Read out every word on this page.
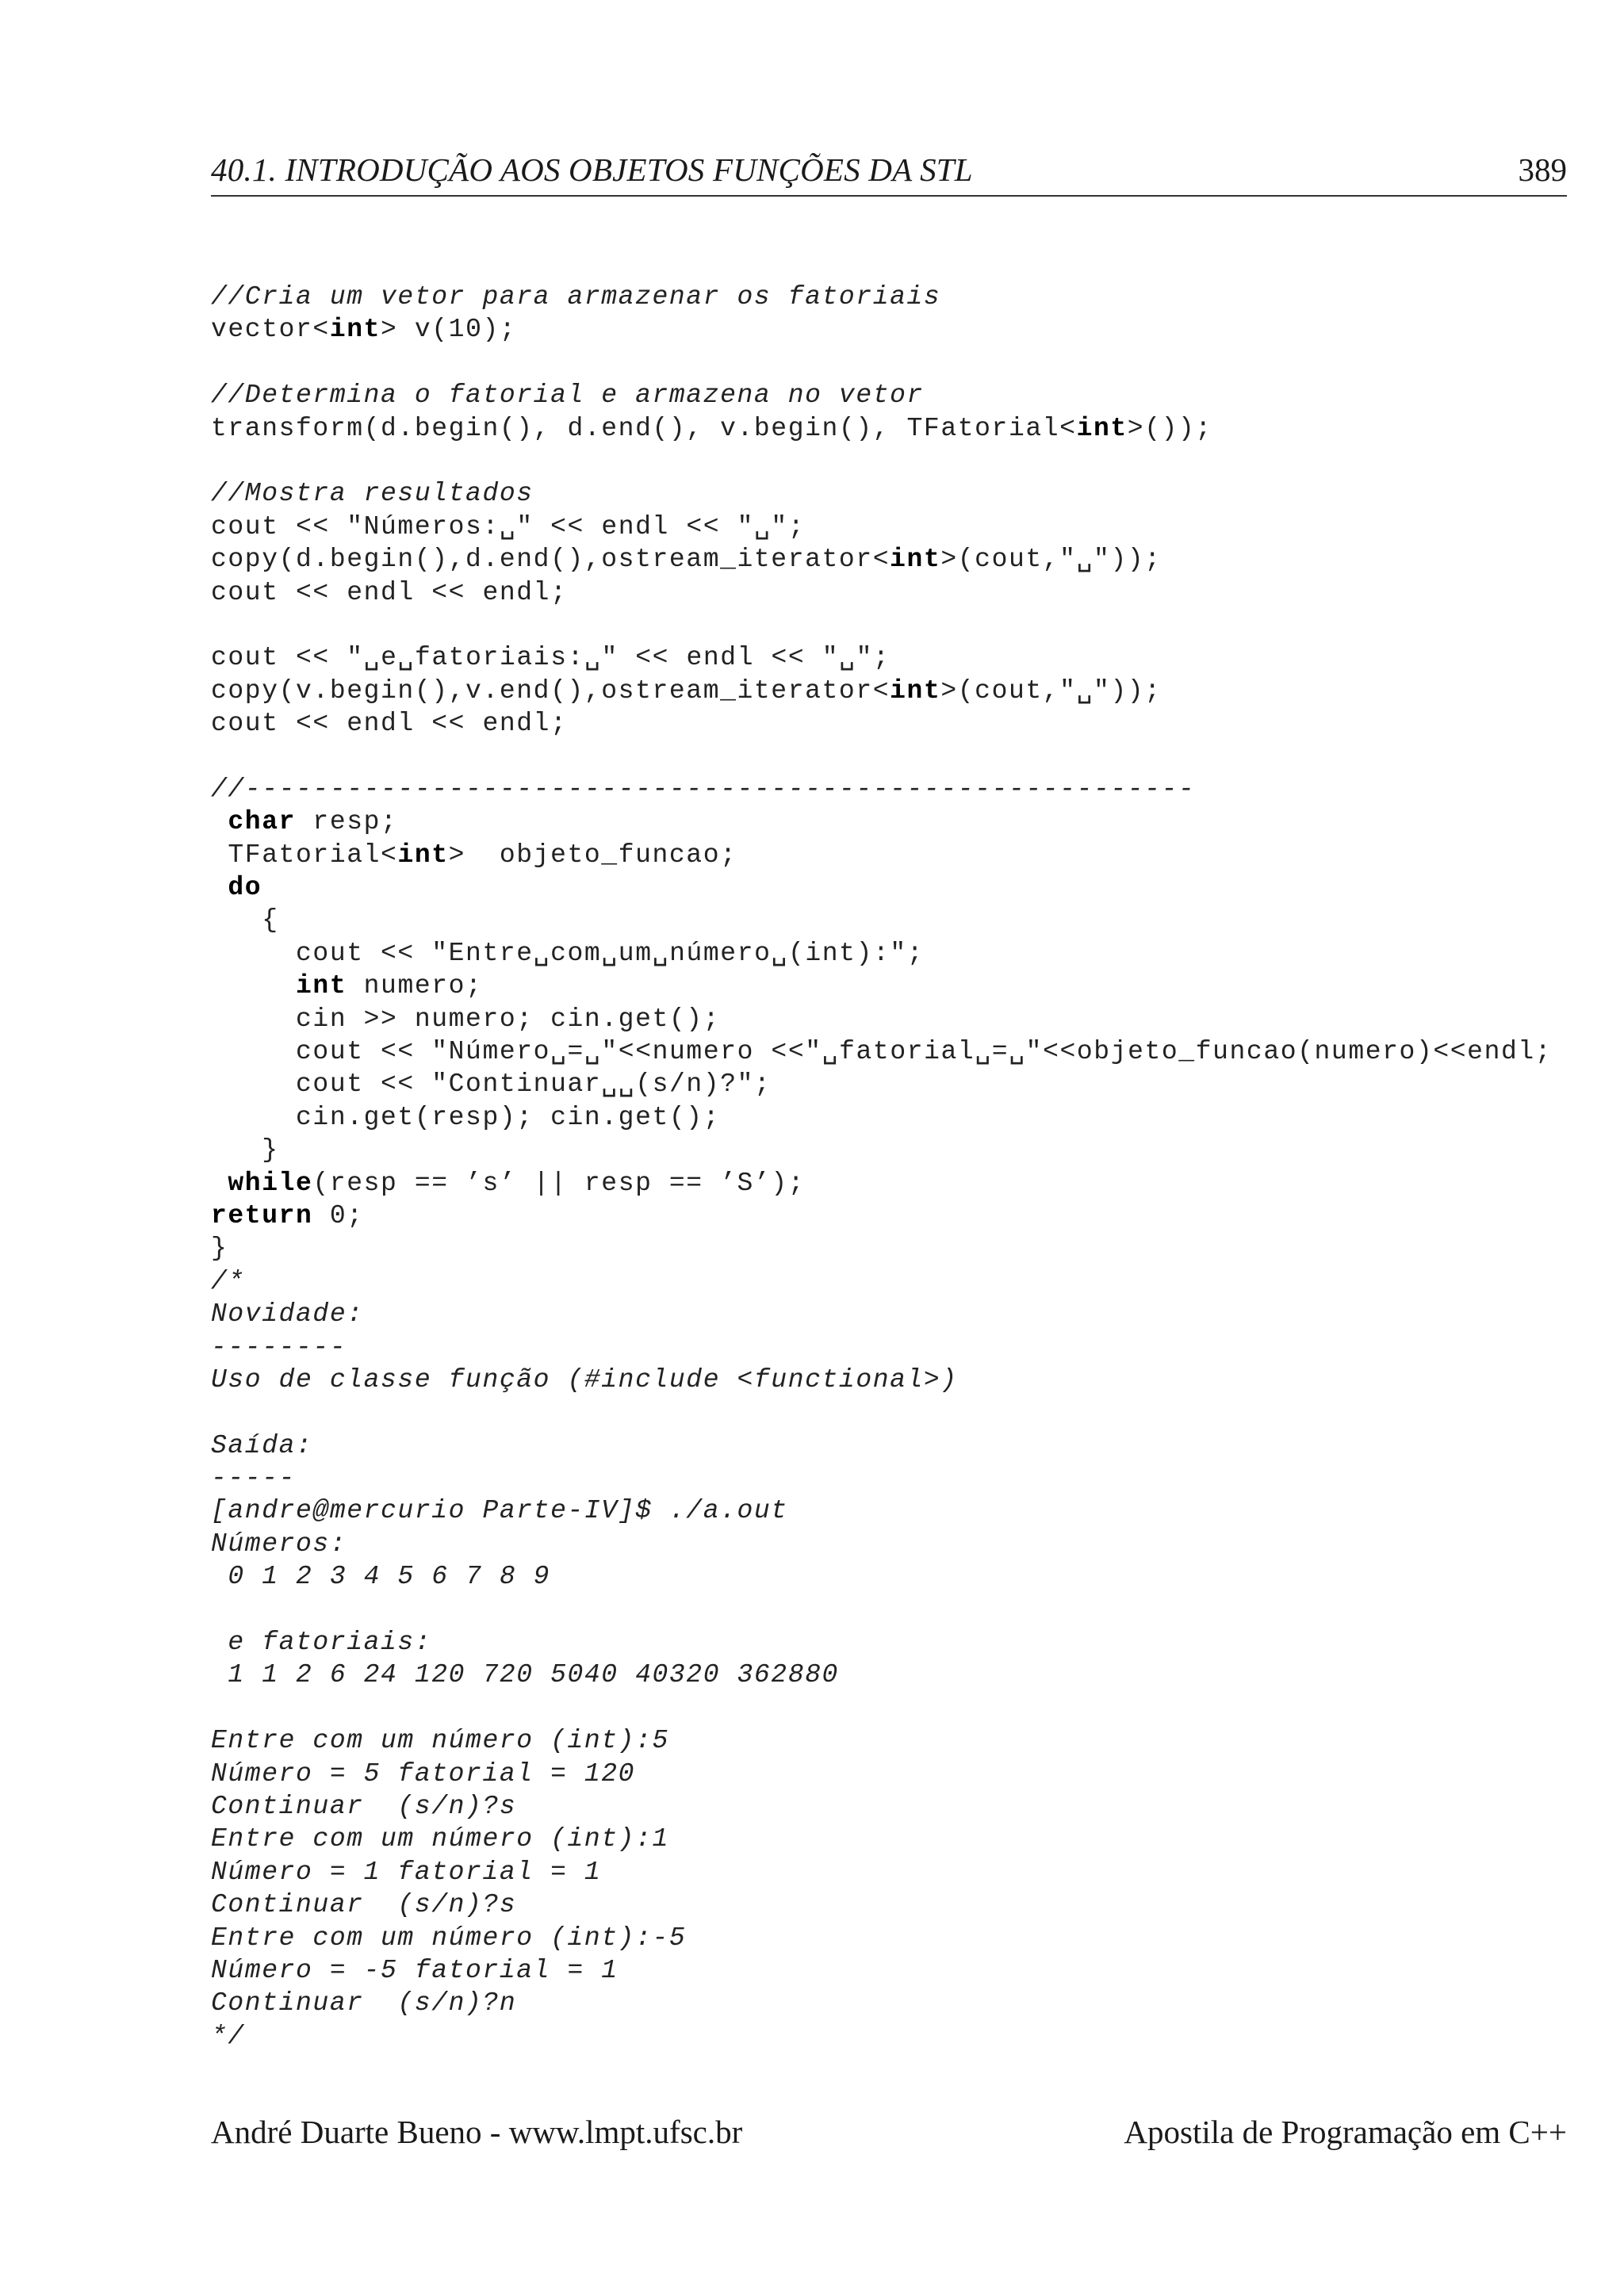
40.1. INTRODUÇÃO AOS OBJETOS FUNÇÕES DA STL	389
//Cria um vetor para armazenar os fatoriais
vector<int> v(10);
//Determina o fatorial e armazena no vetor
transform(d.begin(), d.end(), v.begin(), TFatorial<int>());
//Mostra resultados
cout << "Números:␣" << endl << "␣";
copy(d.begin(),d.end(),ostream_iterator<int>(cout,"␣"));
cout << endl << endl;
cout << "␣e␣fatoriais:␣" << endl << "␣";
copy(v.begin(),v.end(),ostream_iterator<int>(cout,"␣"));
cout << endl << endl;
//--------------------------------------------------------
char resp;
TFatorial<int>  objeto_funcao;
do
{
cout << "Entre␣com␣um␣número␣(int):";
int numero;
cin >> numero; cin.get();
cout << "Número␣=␣"<<numero <<"␣fatorial␣=␣"<<objeto_funcao(numero)<<endl;
cout << "Continuar␣␣(s/n)?";
cin.get(resp); cin.get();
}
while(resp == ’s’ || resp == ’S’);
return 0;
}
/*
Novidade:
--------
Uso de classe função (#include <functional>)
Saída:
-----
[andre@mercurio Parte-IV]$ ./a.out
Números:
0 1 2 3 4 5 6 7 8 9
e fatoriais:
1 1 2 6 24 120 720 5040 40320 362880
Entre com um número (int):5
Número = 5 fatorial = 120
Continuar  (s/n)?s
Entre com um número (int):1
Número = 1 fatorial = 1
Continuar  (s/n)?s
Entre com um número (int):-5
Número = -5 fatorial = 1
Continuar  (s/n)?n
*/
André Duarte Bueno - www.lmpt.ufsc.br	Apostila de Programação em C++
